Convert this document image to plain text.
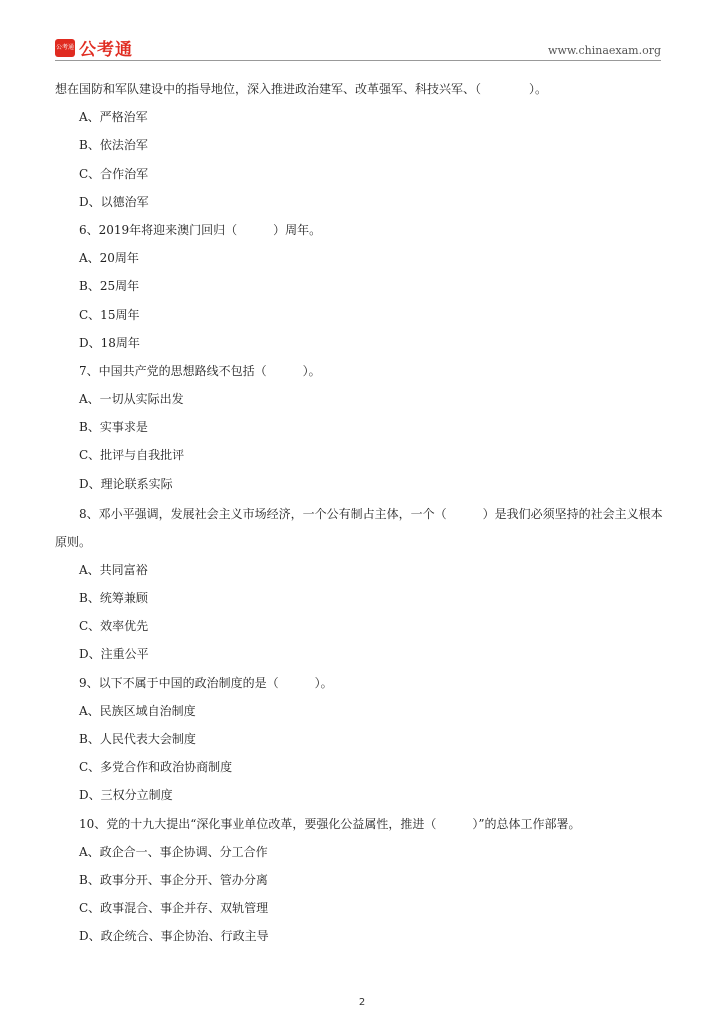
公考通 公考通	www.chinaexam.org
想在国防和军队建设中的指导地位，深入推进政治建军、改革强军、科技兴军、（　　　　）。
A、严格治军
B、依法治军
C、合作治军
D、以德治军
6、2019年将迎来澳门回归（　　　）周年。
A、20周年
B、25周年
C、15周年
D、18周年
7、中国共产党的思想路线不包括（　　　）。
A、一切从实际出发
B、实事求是
C、批评与自我批评
D、理论联系实际
8、邓小平强调，发展社会主义市场经济，一个公有制占主体，一个（　　　）是我们必须坚持的社会主义根本原则。
A、共同富裕
B、统筹兼顾
C、效率优先
D、注重公平
9、以下不属于中国的政治制度的是（　　　）。
A、民族区域自治制度
B、人民代表大会制度
C、多党合作和政治协商制度
D、三权分立制度
10、党的十九大提出“深化事业单位改革，要强化公益属性，推进（　　　）”的总体工作部署。
A、政企合一、事企协调、分工合作
B、政事分开、事企分开、管办分离
C、政事混合、事企并存、双轨管理
D、政企统合、事企协治、行政主导
2
